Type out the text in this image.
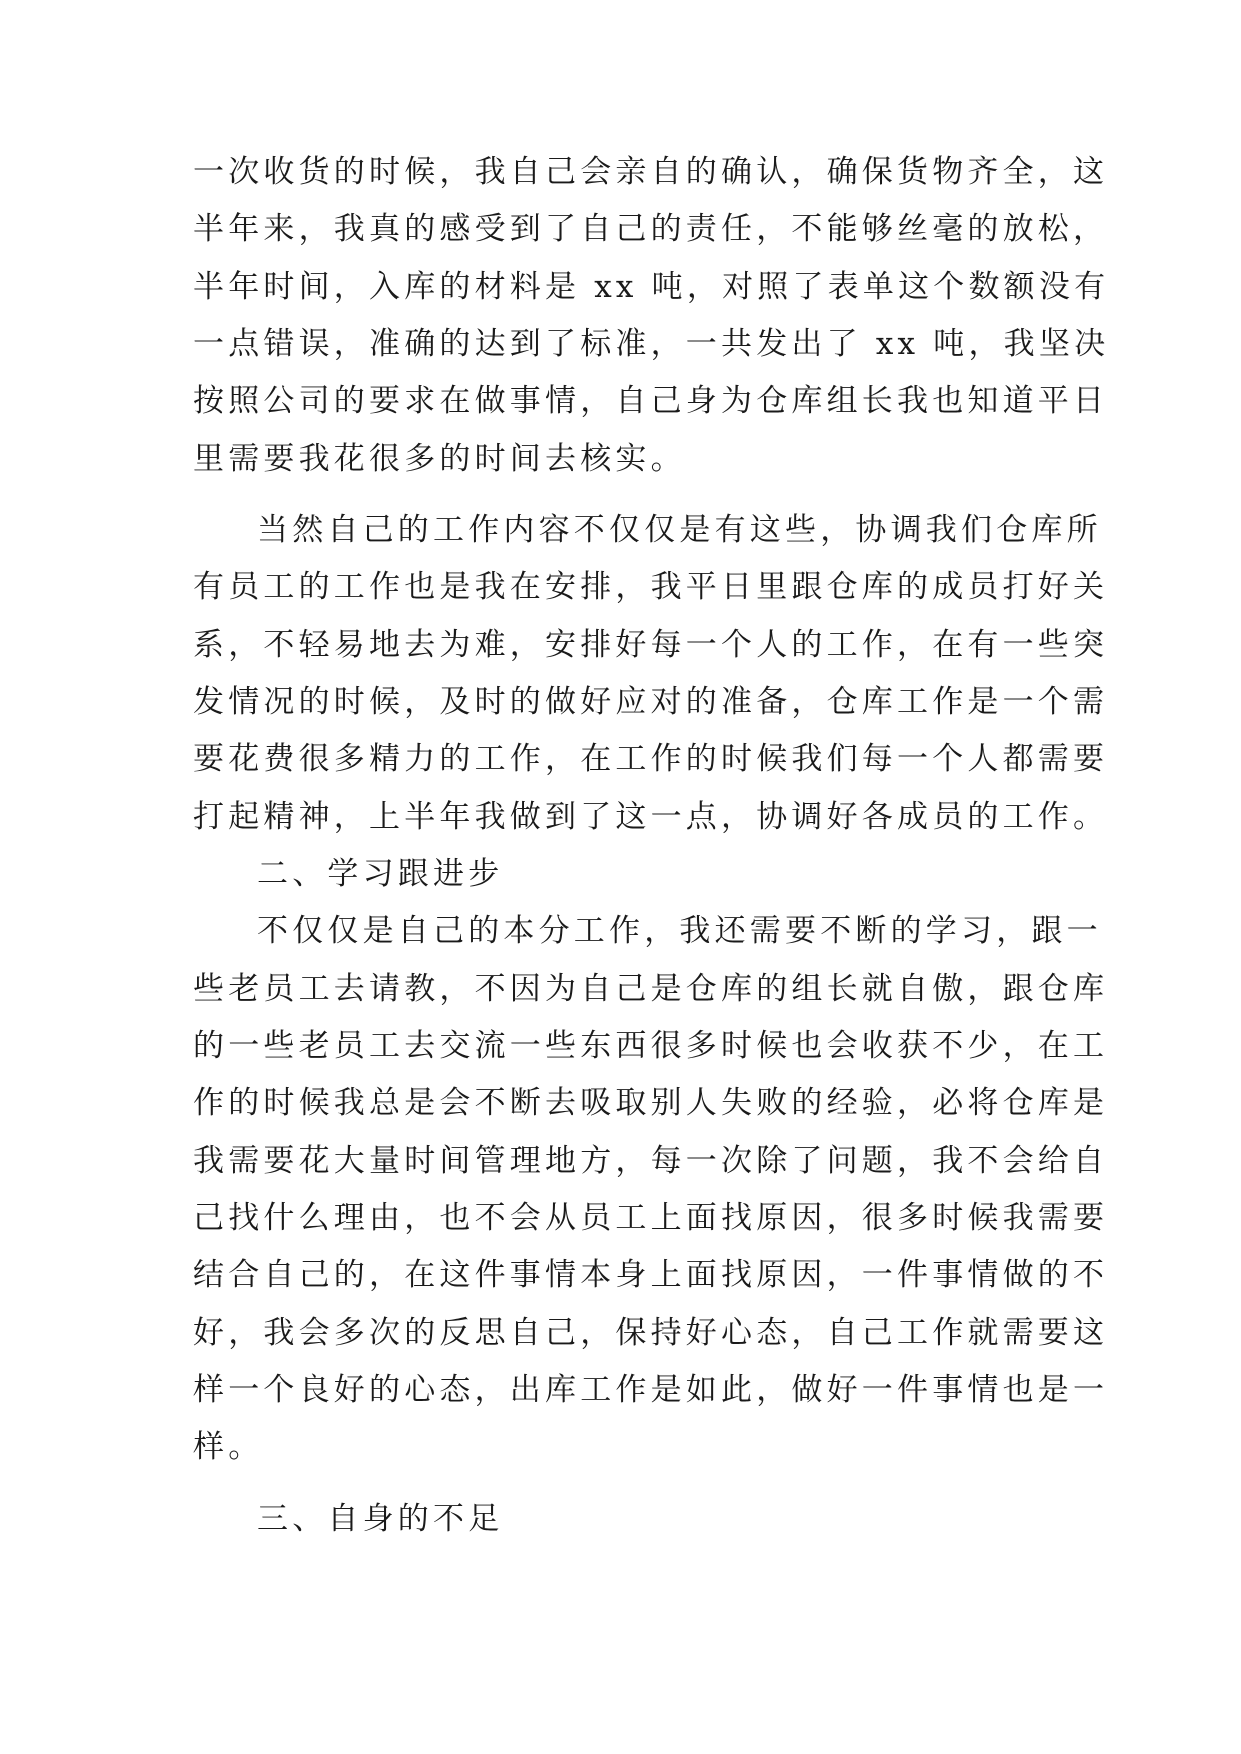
一次收货的时候，我自己会亲自的确认，确保货物齐全，这
半年来，我真的感受到了自己的责任，不能够丝毫的放松，
半年时间，入库的材料是 xx 吨，对照了表单这个数额没有
一点错误，准确的达到了标准，一共发出了 xx 吨，我坚决
按照公司的要求在做事情，自己身为仓库组长我也知道平日
里需要我花很多的时间去核实。
当然自己的工作内容不仅仅是有这些，协调我们仓库所
有员工的工作也是我在安排，我平日里跟仓库的成员打好关
系，不轻易地去为难，安排好每一个人的工作，在有一些突
发情况的时候，及时的做好应对的准备，仓库工作是一个需
要花费很多精力的工作，在工作的时候我们每一个人都需要
打起精神，上半年我做到了这一点，协调好各成员的工作。
二、学习跟进步
不仅仅是自己的本分工作，我还需要不断的学习，跟一
些老员工去请教，不因为自己是仓库的组长就自傲，跟仓库
的一些老员工去交流一些东西很多时候也会收获不少，在工
作的时候我总是会不断去吸取别人失败的经验，必将仓库是
我需要花大量时间管理地方，每一次除了问题，我不会给自
己找什么理由，也不会从员工上面找原因，很多时候我需要
结合自己的，在这件事情本身上面找原因，一件事情做的不
好，我会多次的反思自己，保持好心态，自己工作就需要这
样一个良好的心态，出库工作是如此，做好一件事情也是一
样。
三、自身的不足
